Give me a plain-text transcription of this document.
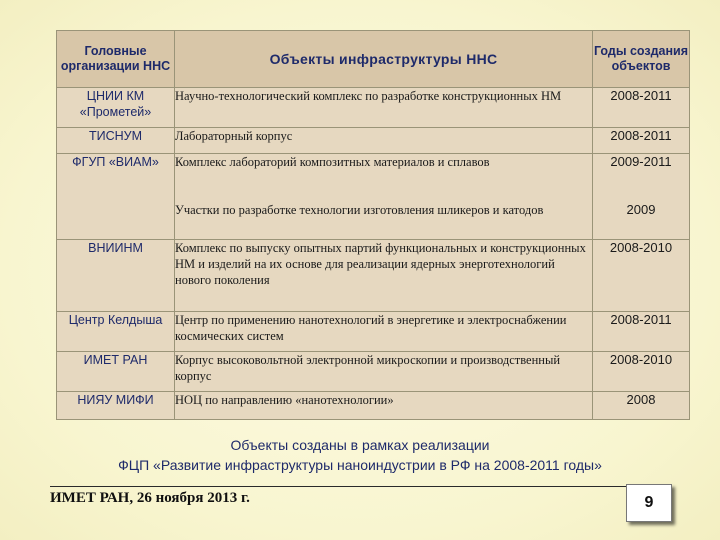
Головные организации ННС	Объекты инфраструктуры ННС	Годы создания объектов
ЦНИИ КМ «Прометей»	Научно-технологический комплекс по разработке конструкционных НМ	2008-2011
ТИСНУМ	Лабораторный корпус	2008-2011
ФГУП «ВИАМ»	Комплекс лабораторий композитных материалов и сплавов	2009-2011
	Участки по разработке технологии изготовления шликеров и катодов	2009
ВНИИНМ	Комплекс по выпуску опытных партий функциональных и конструкционных НМ и изделий на их основе для реализации ядерных энерготехнологий нового поколения	2008-2010
Центр Келдыша	Центр по применению нанотехнологий в энергетике и электроснабжении космических систем	2008-2011
ИМЕТ РАН	Корпус высоковольтной электронной микроскопии и производственный корпус	2008-2010
НИЯУ МИФИ	НОЦ по направлению «нанотехнологии»	2008
Объекты созданы в рамках реализации
ФЦП «Развитие инфраструктуры наноиндустрии в РФ на 2008-2011 годы»
ИМЕТ РАН, 26 ноября 2013 г.	9
